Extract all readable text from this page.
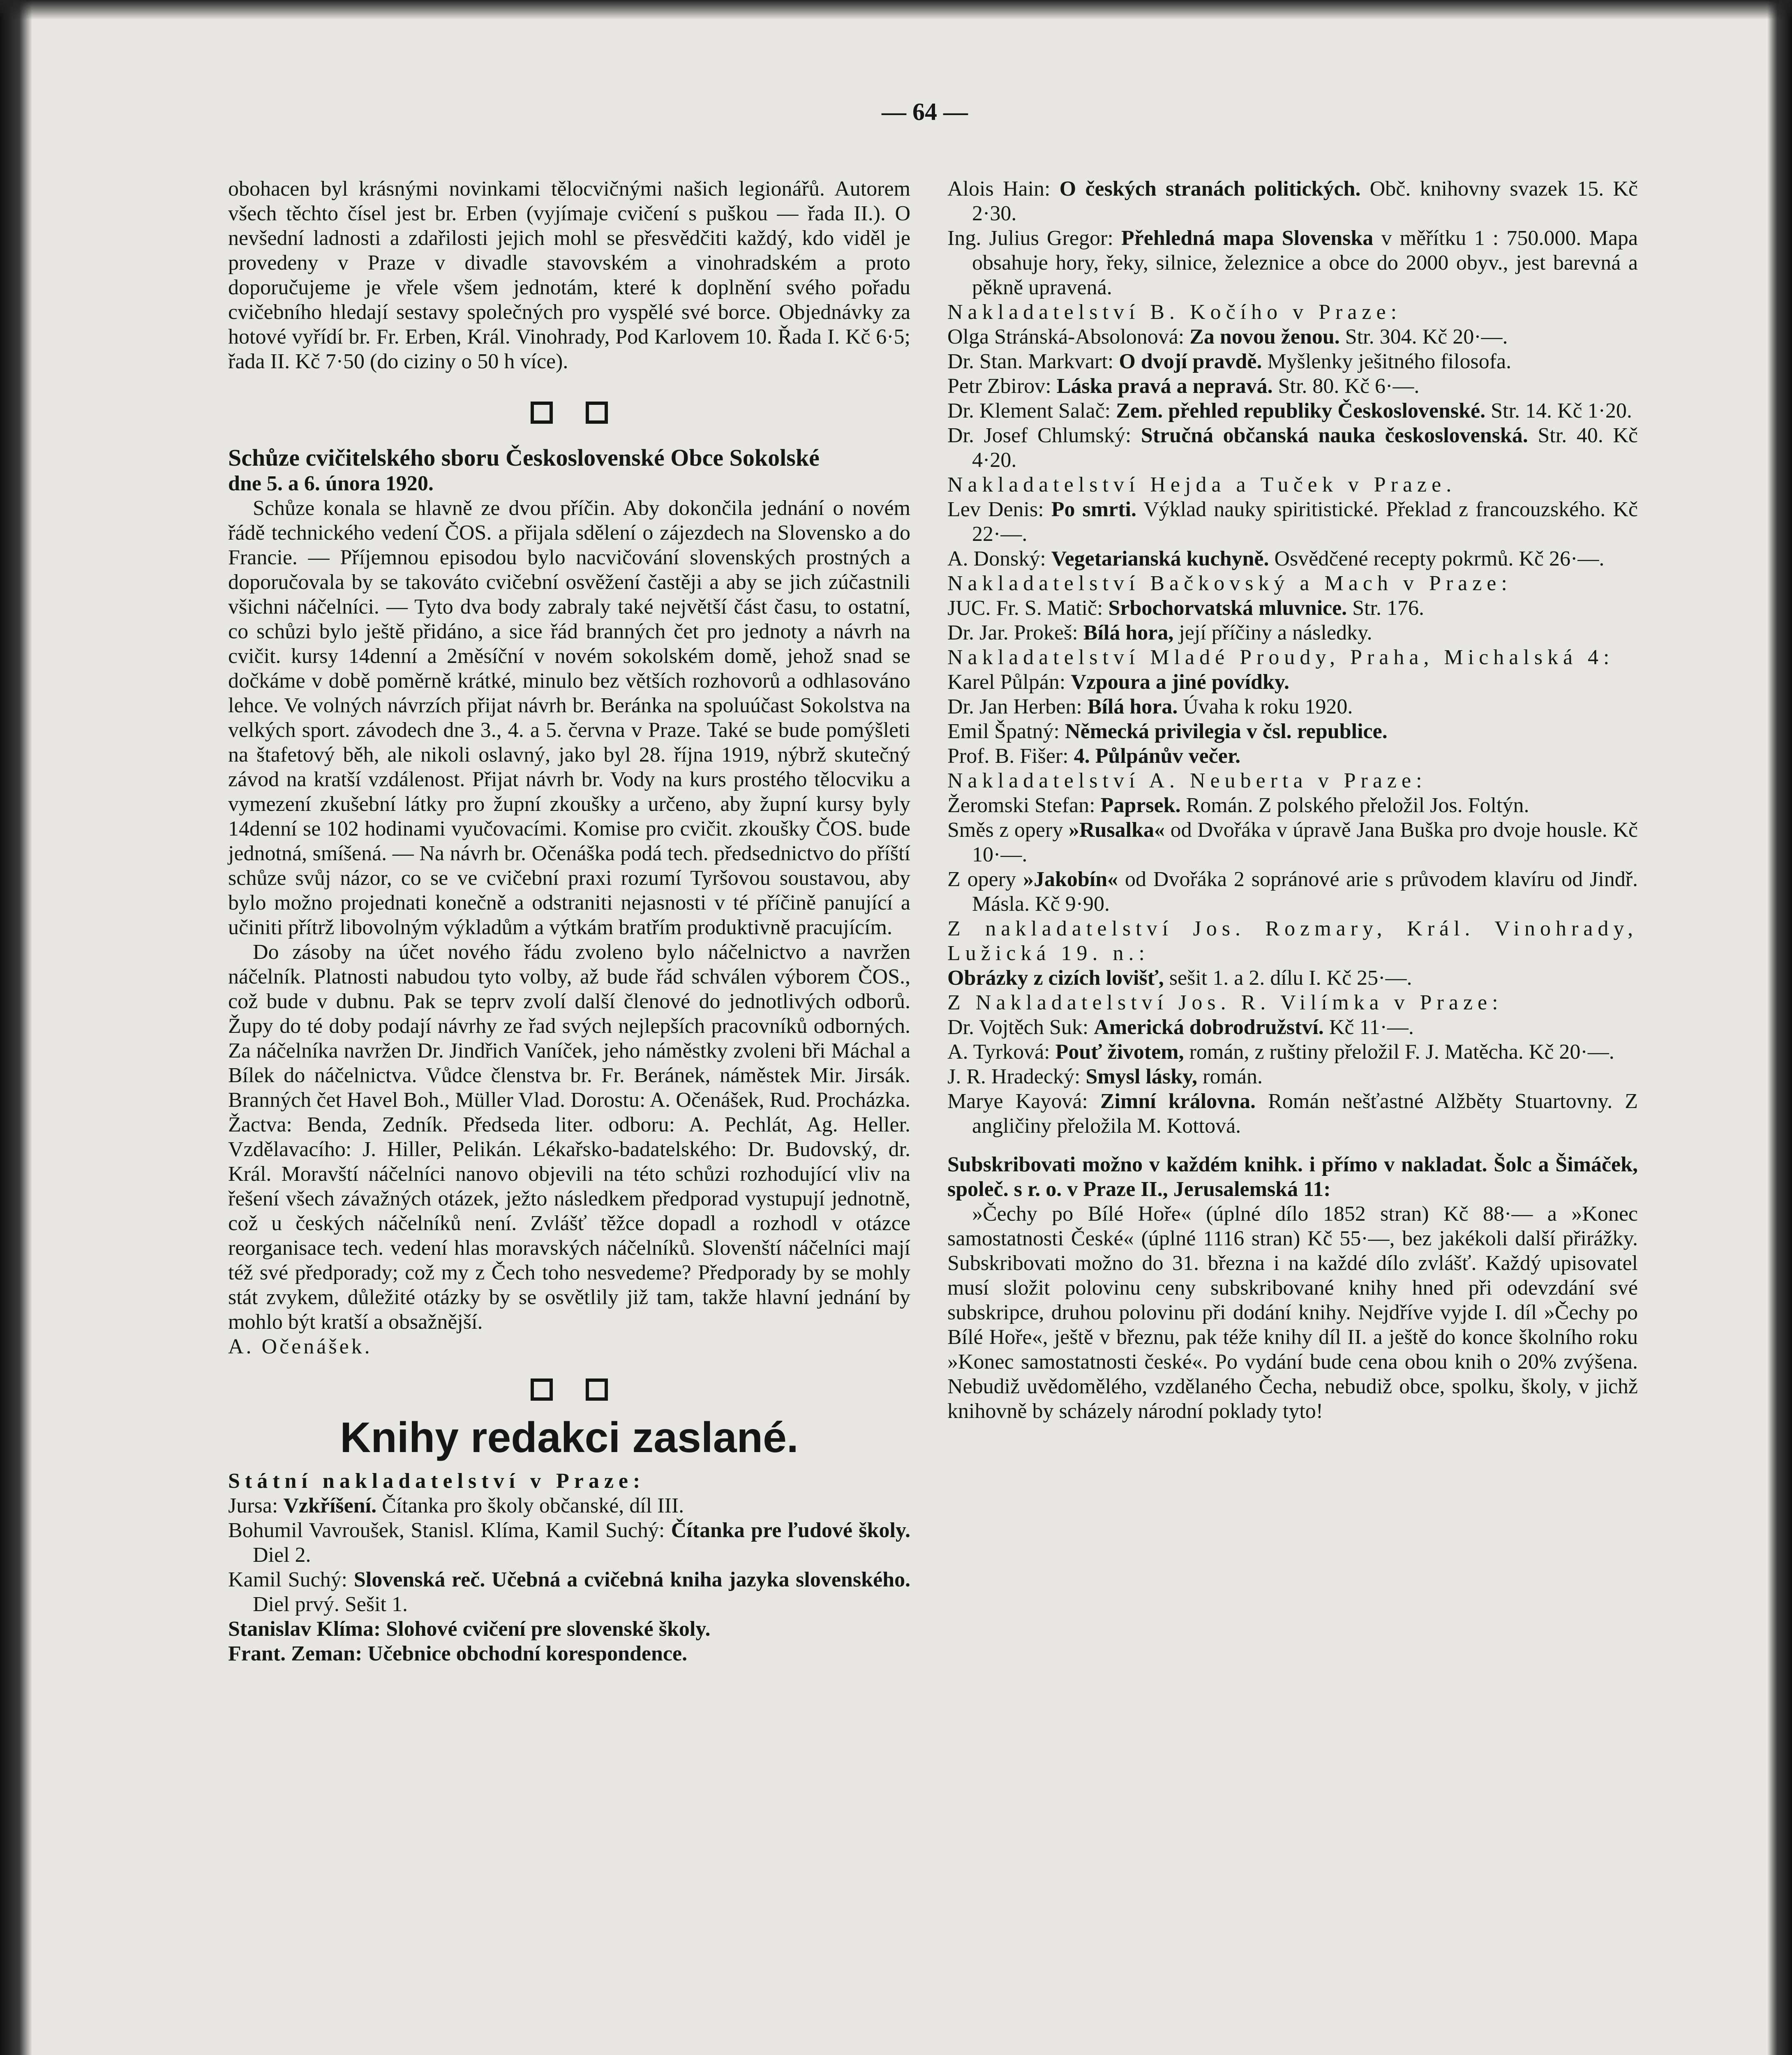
— 64 —

obohacen byl krásnými novinkami tělocvičnými našich legionářů. Autorem všech těchto čísel jest br. Erben (vyjímaje cvičení s puškou — řada II.). O nevšední ladnosti a zdařilosti jejich mohl se přesvědčiti každý, kdo viděl je provedeny v Praze v divadle stavovském a vinohradském a proto doporučujeme je vřele všem jednotám, které k doplnění svého pořadu cvičebního hledají sestavy společných pro vyspělé své borce. Objednávky za hotové vyřídí br. Fr. Erben, Král. Vinohrady, Pod Karlovem 10. Řada I. Kč 6·5; řada II. Kč 7·50 (do ciziny o 50 h více).

Schůze cvičitelského sboru Československé Obce Sokolské

dne 5. a 6. února 1920.

Schůze konala se hlavně ze dvou příčin. Aby dokončila jednání o novém řádě technického vedení ČOS. a přijala sdělení o zájezdech na Slovensko a do Francie. — Příjemnou episodou bylo nacvičování slovenských prostných a doporučovala by se takováto cvičební osvěžení častěji a aby se jich zúčastnili všichni náčelníci. — Tyto dva body zabraly také největší část času, to ostatní, co schůzi bylo ještě přidáno, a sice řád branných čet pro jednoty a návrh na cvičit. kursy 14denní a 2měsíční v novém sokolském domě, jehož snad se dočkáme v době poměrně krátké, minulo bez větších rozhovorů a odhlasováno lehce. Ve volných návrzích přijat návrh br. Beránka na spoluúčast Sokolstva na velkých sport. závodech dne 3., 4. a 5. června v Praze. Také se bude pomýšleti na štafetový běh, ale nikoli oslavný, jako byl 28. října 1919, nýbrž skutečný závod na kratší vzdálenost. Přijat návrh br. Vody na kurs prostého tělocviku a vymezení zkušební látky pro župní zkoušky a určeno, aby župní kursy byly 14denní se 102 hodinami vyučovacími. Komise pro cvičit. zkoušky ČOS. bude jednotná, smíšená. — Na návrh br. Očenáška podá tech. předsednictvo do příští schůze svůj názor, co se ve cvičební praxi rozumí Tyršovou soustavou, aby bylo možno projednati konečně a odstraniti nejasnosti v té příčině panující a učiniti přítrž libovolným výkladům a výtkám bratřím produktivně pracujícím.

Do zásoby na účet nového řádu zvoleno bylo náčelnictvo a navržen náčelník. Platnosti nabudou tyto volby, až bude řád schválen výborem ČOS., což bude v dubnu. Pak se teprv zvolí další členové do jednotlivých odborů. Župy do té doby podají návrhy ze řad svých nejlepších pracovníků odborných. Za náčelníka navržen Dr. Jindřich Vaníček, jeho náměstky zvoleni bři Máchal a Bílek do náčelnictva. Vůdce členstva br. Fr. Beránek, náměstek Mir. Jirsák. Branných čet Havel Boh., Müller Vlad. Dorostu: A. Očenášek, Rud. Procházka. Žactva: Benda, Zedník. Předseda liter. odboru: A. Pechlát, Ag. Heller. Vzdělavacího: J. Hiller, Pelikán. Lékařsko-badatelského: Dr. Budovský, dr. Král. Moravští náčelníci nanovo objevili na této schůzi rozhodující vliv na řešení všech závažných otázek, ježto následkem předporad vystupují jednotně, což u českých náčelníků není. Zvlášť těžce dopadl a rozhodl v otázce reorganisace tech. vedení hlas moravských náčelníků. Slovenští náčelníci mají též své předporady; což my z Čech toho nesvedeme? Předporady by se mohly stát zvykem, důležité otázky by se osvětlily již tam, takže hlavní jednání by mohlo být kratší a obsažnější.

A. Očenášek.

Knihy redakci zaslané.

Státní nakladatelství v Praze:

Jursa: Vzkříšení. Čítanka pro školy občanské, díl III.

Bohumil Vavroušek, Stanisl. Klíma, Kamil Suchý: Čítanka pre ľudové školy. Diel 2.

Kamil Suchý: Slovenská reč. Učebná a cvičebná kniha jazyka slovenského. Diel prvý. Sešit 1.

Stanislav Klíma: Slohové cvičení pre slovenské školy.

Frant. Zeman: Učebnice obchodní korespondence.

Alois Hain: O českých stranách politických. Obč. knihovny svazek 15. Kč 2·30.

Ing. Julius Gregor: Přehledná mapa Slovenska v měřítku 1 : 750.000. Mapa obsahuje hory, řeky, silnice, železnice a obce do 2000 obyv., jest barevná a pěkně upravená.

Nakladatelství B. Kočího v Praze:

Olga Stránská-Absolonová: Za novou ženou. Str. 304. Kč 20·—.

Dr. Stan. Markvart: O dvojí pravdě. Myšlenky ješitného filosofa.

Petr Zbirov: Láska pravá a nepravá. Str. 80. Kč 6·—.

Dr. Klement Salač: Zem. přehled republiky Československé. Str. 14. Kč 1·20.

Dr. Josef Chlumský: Stručná občanská nauka československá. Str. 40. Kč 4·20.

Nakladatelství Hejda a Tuček v Praze.

Lev Denis: Po smrti. Výklad nauky spiritistické. Překlad z francouzského. Kč 22·—.

A. Donský: Vegetarianská kuchyně. Osvědčené recepty pokrmů. Kč 26·—.

Nakladatelství Bačkovský a Mach v Praze:

JUC. Fr. S. Matič: Srbochorvatská mluvnice. Str. 176.

Dr. Jar. Prokeš: Bílá hora, její příčiny a následky.

Nakladatelství Mladé Proudy, Praha, Michalská 4:

Karel Půlpán: Vzpoura a jiné povídky.

Dr. Jan Herben: Bílá hora. Úvaha k roku 1920.

Emil Špatný: Německá privilegia v čsl. republice.

Prof. B. Fišer: 4. Půlpánův večer.

Nakladatelství A. Neuberta v Praze:

Žeromski Stefan: Paprsek. Román. Z polského přeložil Jos. Foltýn.

Směs z opery »Rusalka« od Dvořáka v úpravě Jana Buška pro dvoje housle. Kč 10·—.

Z opery »Jakobín« od Dvořáka 2 sopránové arie s průvodem klavíru od Jindř. Másla. Kč 9·90.

Z nakladatelství Jos. Rozmary, Král. Vinohrady, Lužická 19. n.:

Obrázky z cizích lovišť, sešit 1. a 2. dílu I. Kč 25·—.

Z Nakladatelství Jos. R. Vilímka v Praze:

Dr. Vojtěch Suk: Americká dobrodružství. Kč 11·—.

A. Tyrková: Pouť životem, román, z ruštiny přeložil F. J. Matěcha. Kč 20·—.

J. R. Hradecký: Smysl lásky, román.

Marye Kayová: Zimní královna. Román nešťastné Alžběty Stuartovny. Z angličiny přeložila M. Kottová.

Subskribovati možno v každém knihk. i přímo v nakladat. Šolc a Šimáček, společ. s r. o. v Praze II., Jerusalemská 11:

»Čechy po Bílé Hoře« (úplné dílo 1852 stran) Kč 88·— a »Konec samostatnosti České« (úplné 1116 stran) Kč 55·—, bez jakékoli další přirážky. Subskribovati možno do 31. března i na každé dílo zvlášť. Každý upisovatel musí složit polovinu ceny subskribované knihy hned při odevzdání své subskripce, druhou polovinu při dodání knihy. Nejdříve vyjde I. díl »Čechy po Bílé Hoře«, ještě v březnu, pak téže knihy díl II. a ještě do konce školního roku »Konec samostatnosti české«. Po vydání bude cena obou knih o 20% zvýšena. Nebudiž uvědomělého, vzdělaného Čecha, nebudiž obce, spolku, školy, v jichž knihovně by scházely národní poklady tyto!
